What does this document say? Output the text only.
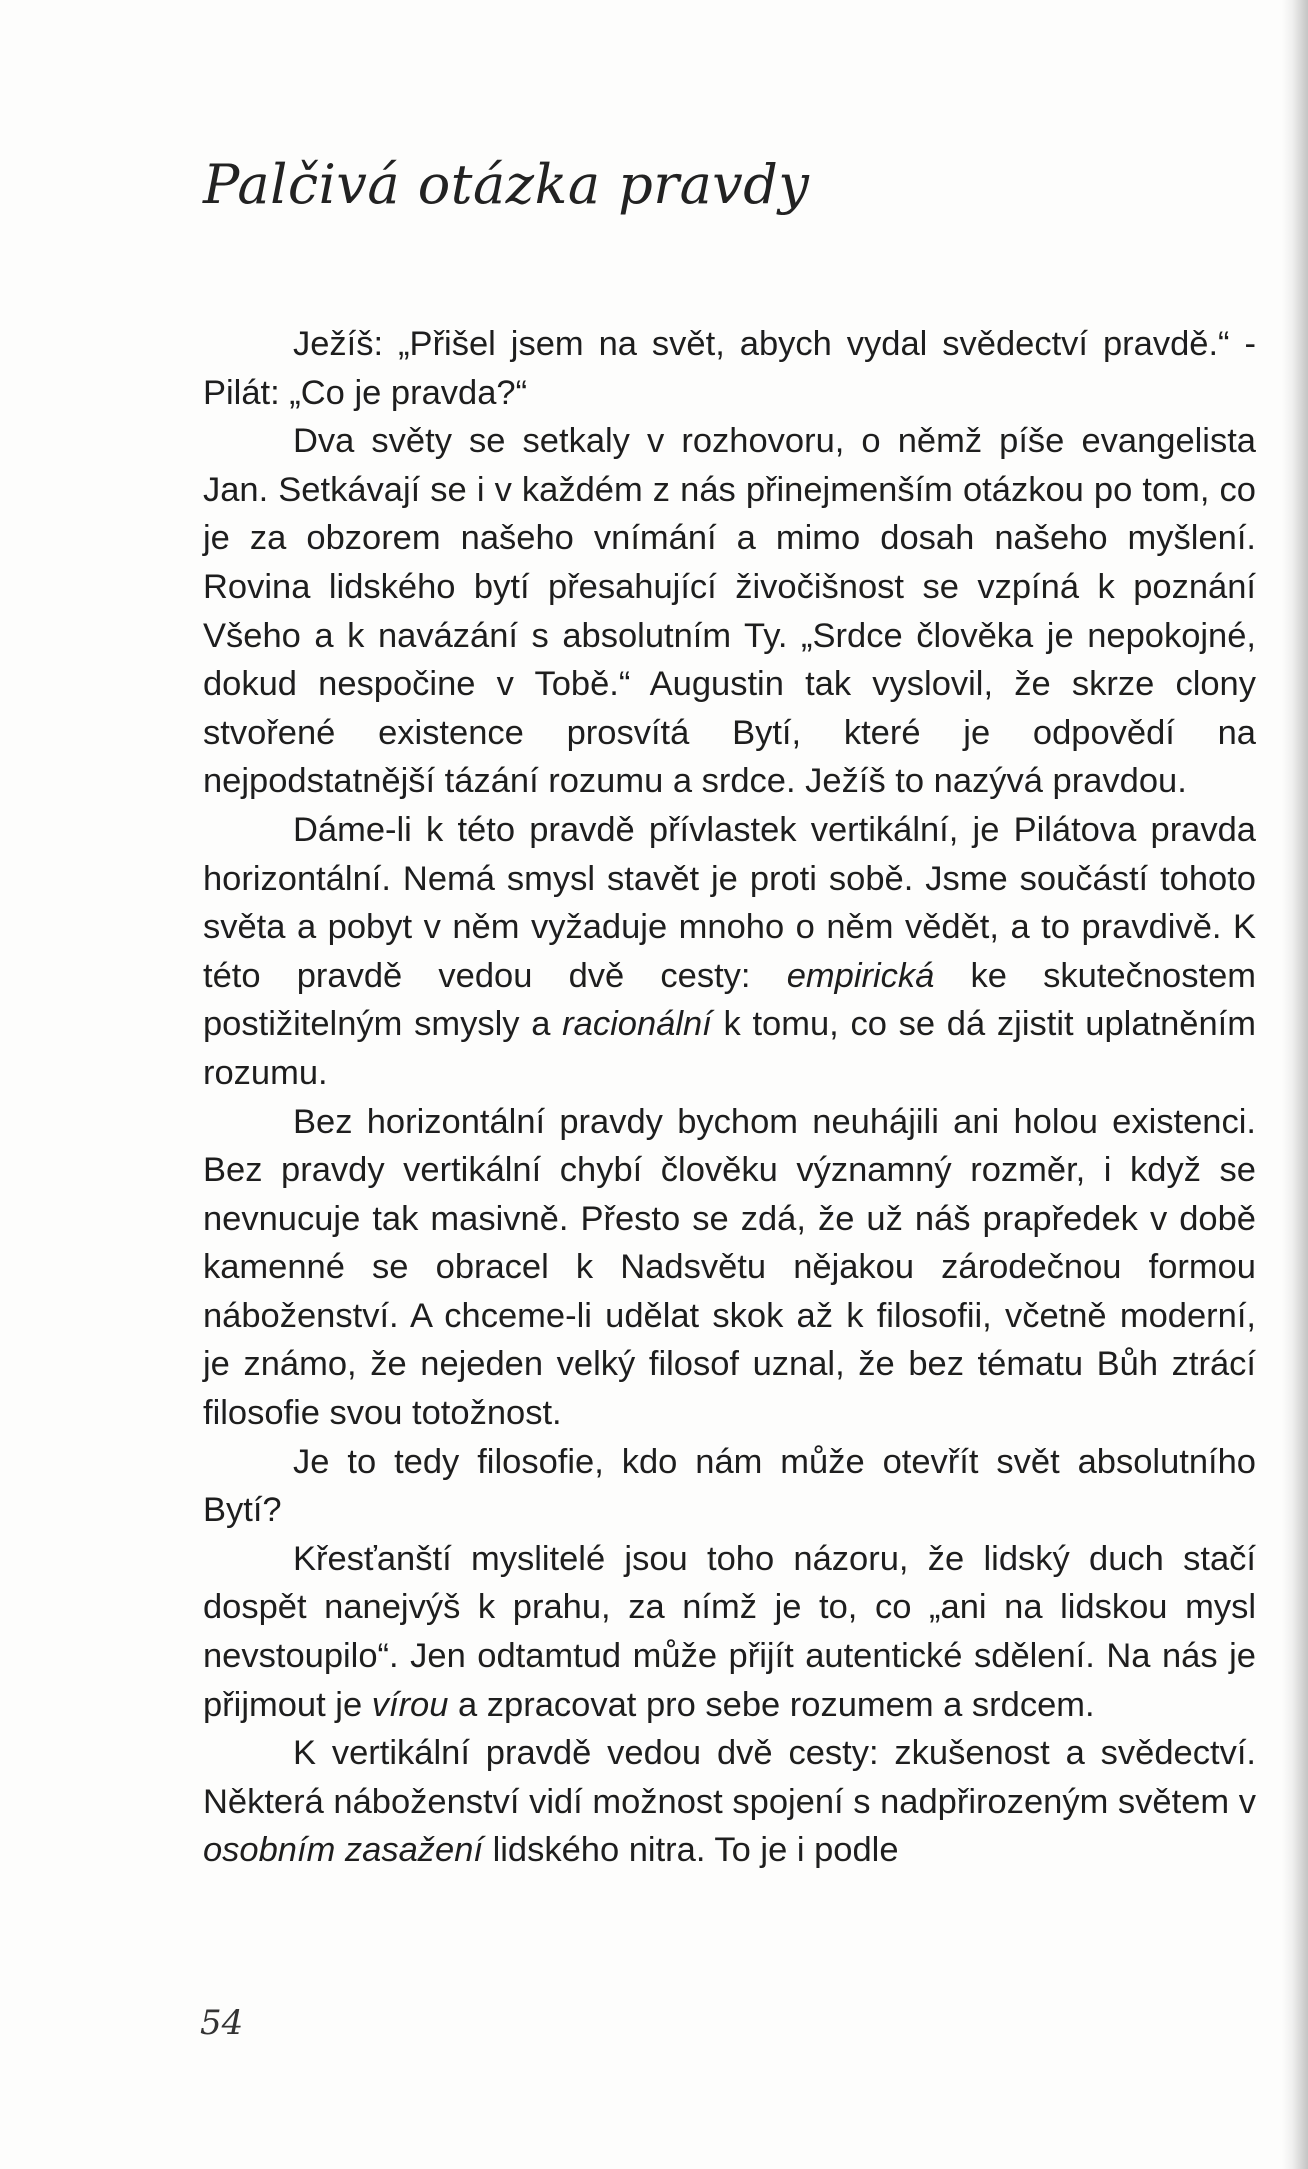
Palčivá otázka pravdy

Ježíš: „Přišel jsem na svět, abych vydal svědectví pravdě.“ - Pilát: „Co je pravda?“

Dva světy se setkaly v rozhovoru, o němž píše evangelista Jan. Setkávají se i v každém z nás přinejmenším otázkou po tom, co je za obzorem našeho vnímání a mimo dosah našeho myšlení. Rovina lidského bytí přesahující živočišnost se vzpíná k poznání Všeho a k navázání s absolutním Ty. „Srdce člověka je nepokojné, dokud nespočine v Tobě.“ Augustin tak vyslovil, že skrze clony stvořené existence prosvítá Bytí, které je odpovědí na nejpodstatnější tázání rozumu a srdce. Ježíš to nazývá pravdou.

Dáme-li k této pravdě přívlastek vertikální, je Pilátova pravda horizontální. Nemá smysl stavět je proti sobě. Jsme součástí tohoto světa a pobyt v něm vyžaduje mnoho o něm vědět, a to pravdivě. K této pravdě vedou dvě cesty: empirická ke skutečnostem postižitelným smysly a racionální k tomu, co se dá zjistit uplatněním rozumu.

Bez horizontální pravdy bychom neuhájili ani holou existenci. Bez pravdy vertikální chybí člověku významný rozměr, i když se nevnucuje tak masivně. Přesto se zdá, že už náš prapředek v době kamenné se obracel k Nadsvětu nějakou zárodečnou formou náboženství. A chceme-li udělat skok až k filosofii, včetně moderní, je známo, že nejeden velký filosof uznal, že bez tématu Bůh ztrácí filosofie svou totožnost.

Je to tedy filosofie, kdo nám může otevřít svět absolutního Bytí?

Křesťanští myslitelé jsou toho názoru, že lidský duch stačí dospět nanejvýš k prahu, za nímž je to, co „ani na lidskou mysl nevstoupilo“. Jen odtamtud může přijít autentické sdělení. Na nás je přijmout je vírou a zpracovat pro sebe rozumem a srdcem.

K vertikální pravdě vedou dvě cesty: zkušenost a svědectví. Některá náboženství vidí možnost spojení s nadpřirozeným světem v osobním zasažení lidského nitra. To je i podle

54
